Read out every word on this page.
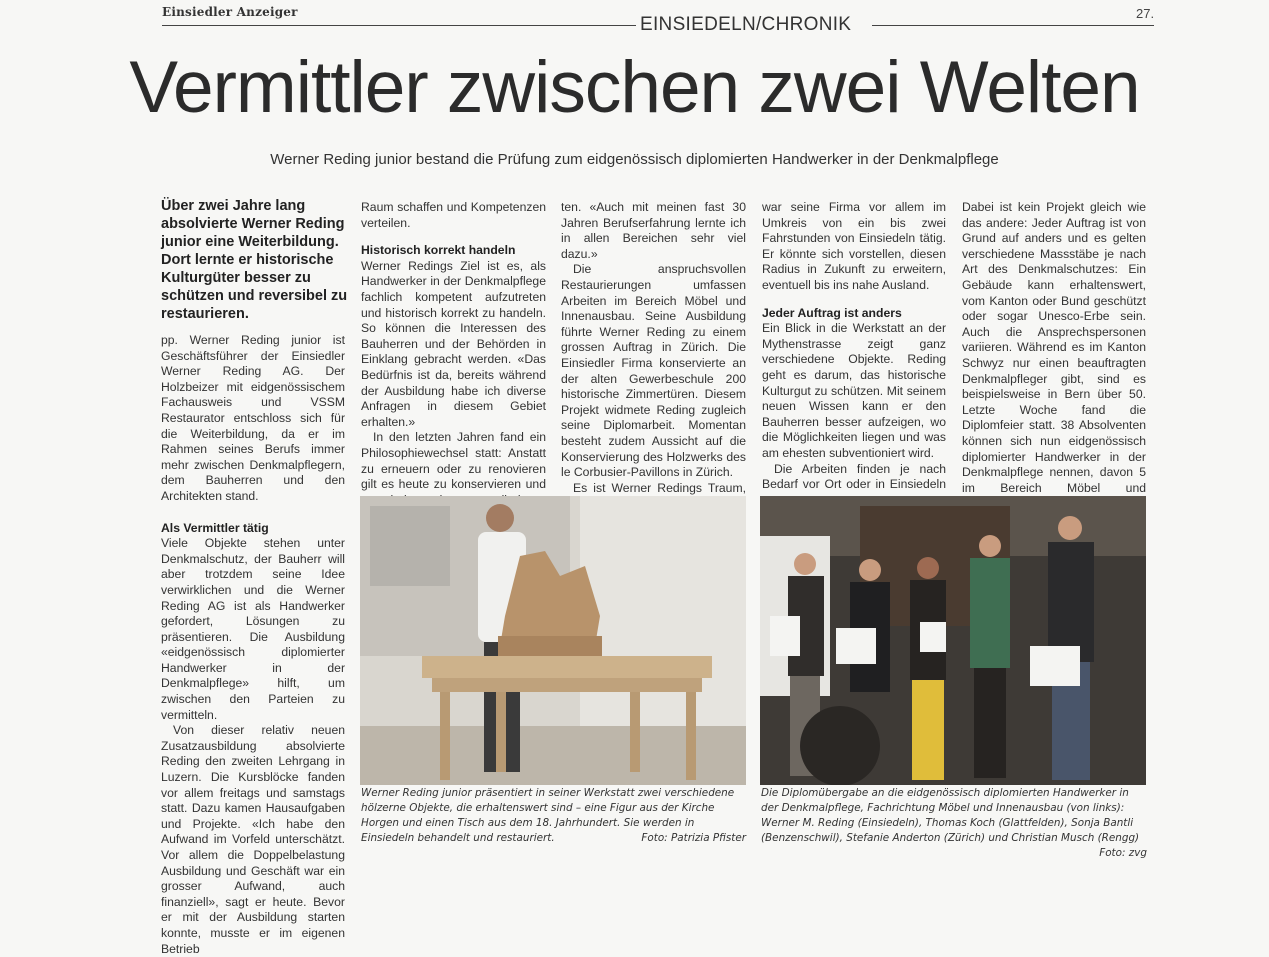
Einsiedler Anzeiger
EINSIEDELN/CHRONIK
27.
Vermittler zwischen zwei Welten
Werner Reding junior bestand die Prüfung zum eidgenössisch diplomierten Handwerker in der Denkmalpflege
Über zwei Jahre lang absolvierte Werner Reding junior eine Weiterbildung. Dort lernte er historische Kulturgüter besser zu schützen und reversibel zu restaurieren.

pp. Werner Reding junior ist Geschäftsführer der Einsiedler Werner Reding AG. Der Holzbeizer mit eidgenössischem Fachausweis und VSSM Restaurator entschloss sich für die Weiterbildung, da er im Rahmen seines Berufs immer mehr zwischen Denkmalpflegern, dem Bauherren und den Architekten stand.

Als Vermittler tätig

Viele Objekte stehen unter Denkmalschutz, der Bauherr will aber trotzdem seine Idee verwirklichen und die Werner Reding AG ist als Handwerker gefordert, Lösungen zu präsentieren. Die Ausbildung «eidgenössisch diplomierter Handwerker in der Denkmalpflege» hilft, um zwischen den Parteien zu vermitteln.

Von dieser relativ neuen Zusatzausbildung absolvierte Reding den zweiten Lehrgang in Luzern. Die Kursblöcke fanden vor allem freitags und samstags statt. Dazu kamen Hausaufgaben und Projekte. «Ich habe den Aufwand im Vorfeld unterschätzt. Vor allem die Doppelbelastung Ausbildung und Geschäft war ein grosser Aufwand, auch finanziell», sagt er heute. Bevor er mit der Ausbildung starten konnte, musste er im eigenen Betrieb

Raum schaffen und Kompetenzen verteilen.

Historisch korrekt handeln

Werner Redings Ziel ist es, als Handwerker in der Denkmalpflege fachlich kompetent aufzutreten und historisch korrekt zu handeln. So können die Interessen des Bauherren und der Behörden in Einklang gebracht werden. «Das Bedürfnis ist da, bereits während der Ausbildung habe ich diverse Anfragen in diesem Gebiet erhalten.»

In den letzten Jahren fand ein Philosophiewechsel statt: Anstatt zu erneuern oder zu renovieren gilt es heute zu konservieren und

ten. «Auch mit meinen fast 30 Jahren Berufserfahrung lernte ich in allen Bereichen sehr viel dazu.»

Die anspruchsvollen Restaurierungen umfassen Arbeiten im Bereich Möbel und Innenausbau. Seine Ausbildung führte Werner Reding zu einem grossen Auftrag in Zürich. Die Einsiedler Firma konservierte an der alten Gewerbeschule 200 historische Zimmertüren. Diesem Projekt widmete Reding zugleich seine Diplomarbeit. Momentan besteht zudem Aussicht auf die Konservierung des Holzwerks des le Corbusier-Pavillons in Zürich.

Es ist Werner Redings Traum,

war seine Firma vor allem im Umkreis von ein bis zwei Fahrstunden von Einsiedeln tätig. Er könnte sich vorstellen, diesen Radius in Zukunft zu erweitern, eventuell bis ins nahe Ausland.

Jeder Auftrag ist anders

Ein Blick in die Werkstatt an der Mythenstrasse zeigt ganz verschiedene Objekte. Reding geht es darum, das historische Kulturgut zu schützen. Mit seinem neuen Wissen kann er den Bauherren besser aufzeigen, wo die Möglichkeiten liegen und was am ehesten subventioniert wird.

Die Arbeiten finden je nach Bedarf vor Ort oder in Einsiedeln

Dabei ist kein Projekt gleich wie das andere: Jeder Auftrag ist von Grund auf anders und es gelten verschiedene Massstäbe je nach Art des Denkmalschutzes: Ein Gebäude kann erhaltenswert, vom Kanton oder Bund geschützt oder sogar Unesco-Erbe sein. Auch die Ansprechspersonen variieren. Während es im Kanton Schwyz nur einen beauftragten Denkmalpfleger gibt, sind es beispielsweise in Bern über 50. Letzte Woche fand die Diplomfeier statt. 38 Absolventen können sich nun eidgenössisch diplomierter Handwerker in der Denkmalpflege nennen, davon 5 im Bereich Möbel und

Werner Reding junior präsentiert in seiner Werkstatt zwei verschiedene hölzerne Objekte, die erhaltenswert sind – eine Figur aus der Kirche Horgen und einen Tisch aus dem 18. Jahrhundert. Sie werden in Einsiedeln behandelt und restauriert.	Foto: Patrizia Pfister
Die Diplomübergabe an die eidgenössisch diplomierten Handwerker in der Denkmalpflege, Fachrichtung Möbel und Innenausbau (von links): Werner M. Reding (Einsiedeln), Thomas Koch (Glattfelden), Sonja Bantli (Benzenschwil), Stefanie Anderton (Zürich) und Christian Musch (Rengg)
Foto: zvg
